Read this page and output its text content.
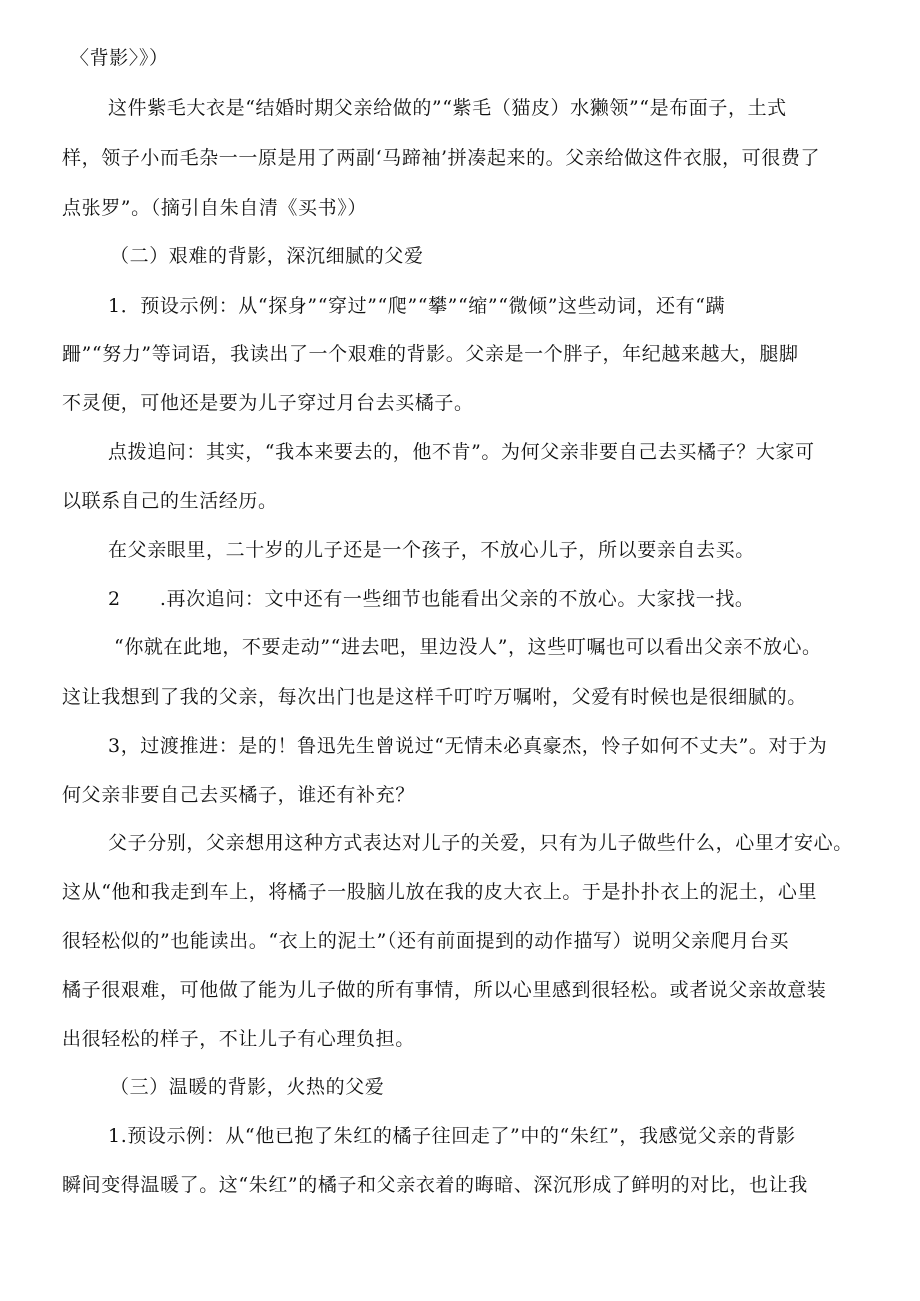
〈背影〉》）
这件紫毛大衣是“结婚时期父亲给做的”“紫毛（猫皮）水獭领”“是布面子，土式
样，领子小而毛杂一一原是用了两副‘马蹄袖’拼凑起来的。父亲给做这件衣服，可很费了
点张罗”。（摘引自朱自清《买书》）
（二）艰难的背影，深沉细腻的父爱
1．预设示例：从“探身”“穿过”“爬”“攀”“缩”“微倾”这些动词，还有“蹒
跚”“努力”等词语，我读出了一个艰难的背影。父亲是一个胖子，年纪越来越大，腿脚
不灵便，可他还是要为儿子穿过月台去买橘子。
点拨追问：其实，“我本来要去的，他不肯”。为何父亲非要自己去买橘子？大家可
以联系自己的生活经历。
在父亲眼里，二十岁的儿子还是一个孩子，不放心儿子，所以要亲自去买。
2　　.再次追问：文中还有一些细节也能看出父亲的不放心。大家找一找。
“你就在此地，不要走动”“进去吧，里边没人”，这些叮嘱也可以看出父亲不放心。
这让我想到了我的父亲，每次出门也是这样千叮咛万嘱咐，父爱有时候也是很细腻的。
3，过渡推进：是的！鲁迅先生曾说过“无情未必真豪杰，怜子如何不丈夫”。对于为
何父亲非要自己去买橘子，谁还有补充？
父子分别，父亲想用这种方式表达对儿子的关爱，只有为儿子做些什么，心里才安心。
这从“他和我走到车上，将橘子一股脑儿放在我的皮大衣上。于是扑扑衣上的泥土，心里
很轻松似的”也能读出。“衣上的泥土”（还有前面提到的动作描写）说明父亲爬月台买
橘子很艰难，可他做了能为儿子做的所有事情，所以心里感到很轻松。或者说父亲故意装
出很轻松的样子，不让儿子有心理负担。
（三）温暖的背影，火热的父爱
1.预设示例：从“他已抱了朱红的橘子往回走了”中的“朱红”，我感觉父亲的背影
瞬间变得温暖了。这“朱红”的橘子和父亲衣着的晦暗、深沉形成了鲜明的对比，也让我
